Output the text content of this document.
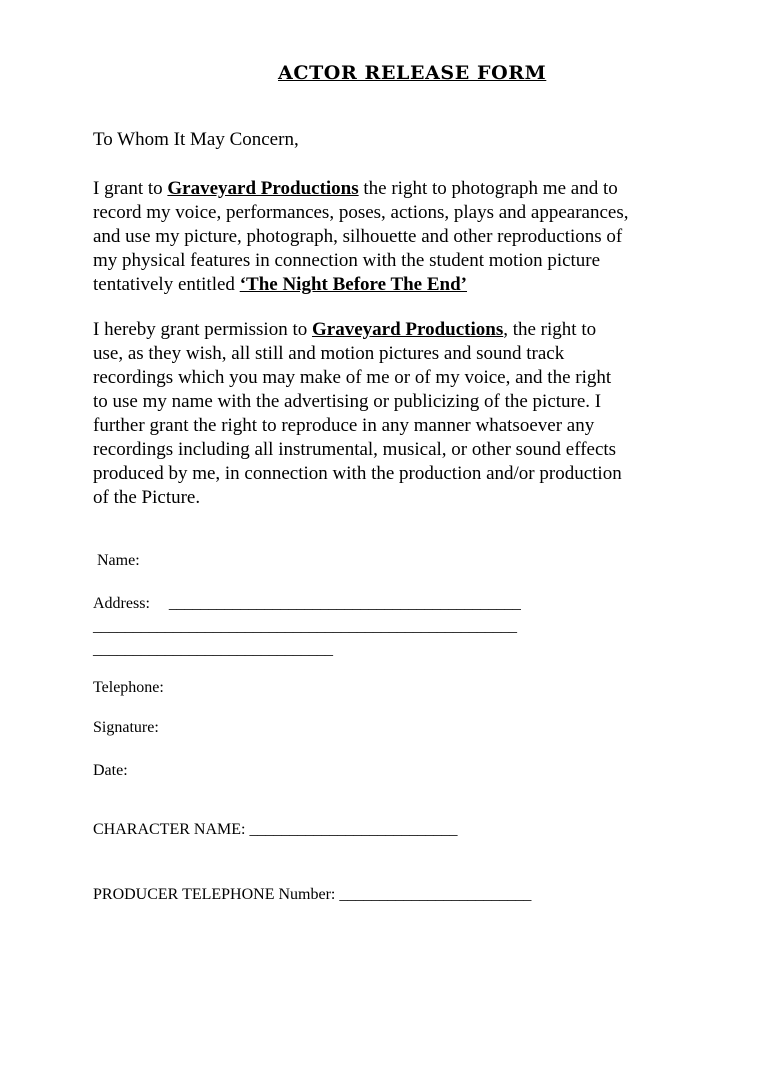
ACTOR RELEASE FORM
To Whom It May Concern,
I grant to Graveyard Productions the right to photograph me and to
record my voice, performances, poses, actions, plays and appearances,
and use my picture, photograph, silhouette and other reproductions of
my physical features in connection with the student motion picture
tentatively entitled ‘The Night Before The End’
I hereby grant permission to Graveyard Productions, the right to
use, as they wish, all still and motion pictures and sound track
recordings which you may make of me or of my voice, and the right
to use my name with the advertising or publicizing of the picture. I
further grant the right to reproduce in any manner whatsoever any
recordings including all instrumental, musical, or other sound effects
produced by me, in connection with the production and/or production
of the Picture.
Name:
Address: ____________________________________________
_____________________________________________________
______________________________
Telephone:
Signature:
Date:
CHARACTER NAME: __________________________
PRODUCER TELEPHONE Number: ________________________
